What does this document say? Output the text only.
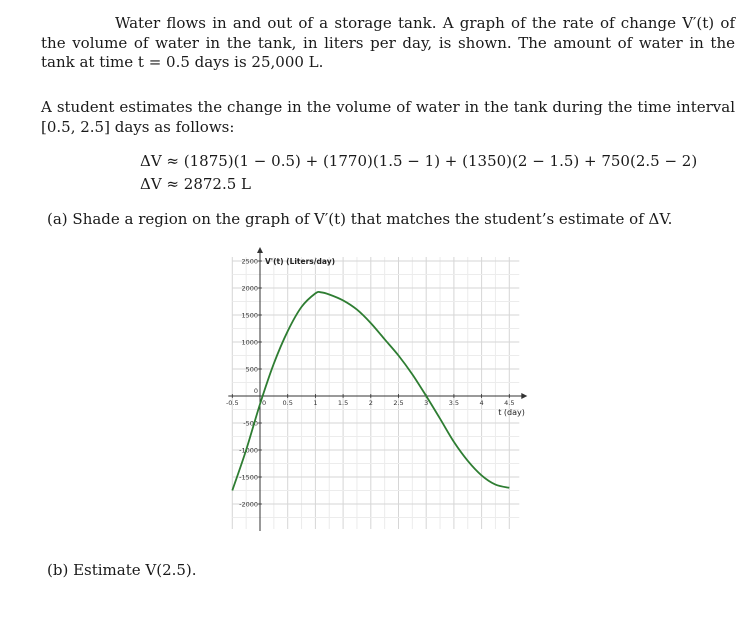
Water flows in and out of a storage tank. A graph of the rate of change V′(t) of the volume of water in the tank, in liters per day, is shown. The amount of water in the tank at time t = 0.5 days is 25,000 L.
A student estimates the change in the volume of water in the tank during the time interval [0.5, 2.5] days as follows:
ΔV ≈ (1875)(1 − 0.5) + (1770)(1.5 − 1) + (1350)(2 − 1.5) + 750(2.5 − 2)
ΔV ≈ 2872.5 L
(a) Shade a region on the graph of V′(t) that matches the student’s estimate of ΔV.
-0.5	0	0.5	1	1.5	2	2.5	3	3.5	4	4.5
2500
2000
1500
1000
500
0
-500
-1000
-1500
-2000
V'(t) (Liters/day)
t (day)
(b) Estimate V(2.5).
